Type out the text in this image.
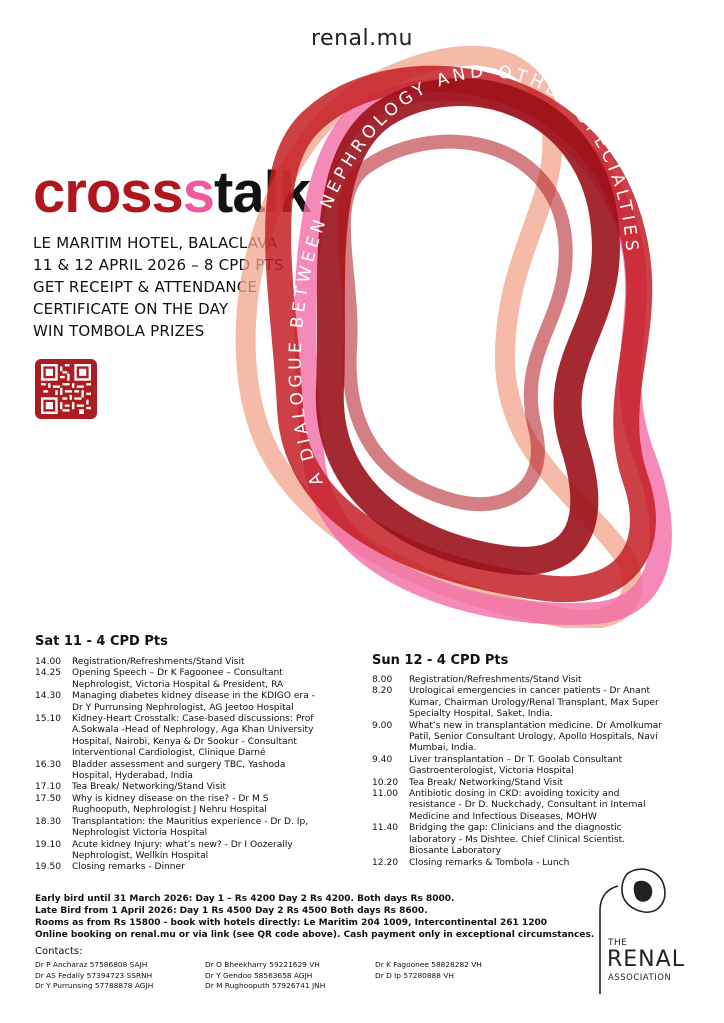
renal.mu
crossstalk
LE MARITIM HOTEL, BALACLAVA
11 & 12 APRIL 2026 – 8 CPD PTS
GET RECEIPT & ATTENDANCE
CERTIFICATE ON THE DAY
WIN TOMBOLA PRIZES
A DIALOGUE BETWEEN NEPHROLOGY AND OTHER SPECIALTIES
Sat 11 - 4 CPD Pts
14.00	Registration/Refreshments/Stand Visit
14.25	Opening Speech – Dr K Fagoonee – Consultant
Nephrologist, Victoria Hospital & President, RA
14.30	Managing diabetes kidney disease in the KDIGO era -
Dr Y Purrunsing Nephrologist, AG Jeetoo Hospital
15.10	Kidney-Heart Crosstalk: Case-based discussions: Prof
A.Sokwala -Head of Nephrology, Aga Khan University
Hospital, Nairobi, Kenya & Dr Sookur - Consultant
Interventional Cardiologist, Clinique Darné
16.30	Bladder assessment and surgery TBC, Yashoda
Hospital, Hyderabad, India
17.10	Tea Break/ Networking/Stand Visit
17.50	Why is kidney disease on the rise? - Dr M S
Rughooputh, Nephrologist J Nehru Hospital
18.30	Transplantation: the Mauritius experience - Dr D. Ip,
Nephrologist Victoria Hospital
19.10	Acute kidney Injury: what’s new? - Dr I Oozerally
Nephrologist, Wellkin Hospital
19.50	Closing remarks - Dinner
Sun 12 - 4 CPD Pts
8.00	Registration/Refreshments/Stand Visit
8.20	Urological emergencies in cancer patients - Dr Anant
Kumar, Chairman Urology/Renal Transplant, Max Super
Specialty Hospital, Saket, India.
9.00	What’s new in transplantation medicine. Dr Amolkumar
Patil, Senior Consultant Urology, Apollo Hospitals, Navi
Mumbai, India.
9.40	Liver transplantation – Dr T. Goolab Consultant
Gastroenterologist, Victoria Hospital
10.20	Tea Break/ Networking/Stand Visit
11.00	Antibiotic dosing in CKD: avoiding toxicity and
resistance - Dr D. Nuckchady, Consultant in Internal
Medicine and Infectious Diseases, MOHW
11.40	Bridging the gap: Clinicians and the diagnostic
laboratory - Ms Dishtee. Chief Clinical Scientist.
Biosante Laboratory
12.20	Closing remarks & Tombola - Lunch
Early bird until 31 March 2026: Day 1 – Rs 4200 Day 2 Rs 4200. Both days Rs 8000.
Late Bird from 1 April 2026: Day 1 Rs 4500 Day 2 Rs 4500 Both days Rs 8600.
Rooms as from Rs 15800 - book with hotels directly: Le Maritim 204 1009, Intercontinental 261 1200
Online booking on renal.mu or via link (see QR code above). Cash payment only in exceptional circumstances.
Contacts:
Dr P Ancharaz 57586808 SAJH
Dr AS Fedally 57394723 SSRNH
Dr Y Purrunsing 57788878 AGJH
Dr O Bheekharry 59221629 VH
Dr Y Gendoo 58563658 AGJH
Dr M Rughooputh 57926741 JNH
Dr K Fagoonee 58828282 VH
Dr D Ip 57280888 VH
THE
RENAL
ASSOCIATION
